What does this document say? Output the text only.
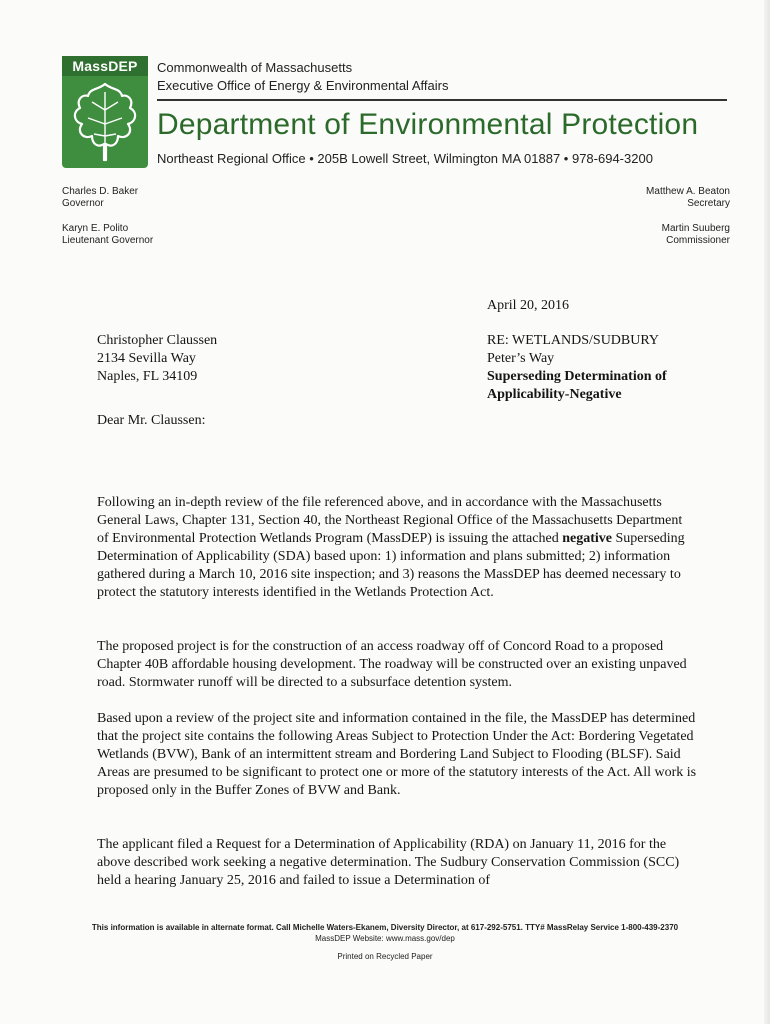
MassDEP	Commonwealth of Massachusetts
Executive Office of Energy & Environmental Affairs
Department of Environmental Protection
Northeast Regional Office • 205B Lowell Street, Wilmington MA 01887 • 978-694-3200
Charles D. Baker
Governor
Karyn E. Polito
Lieutenant Governor
Matthew A. Beaton
Secretary
Martin Suuberg
Commissioner
April 20, 2016
Christopher Claussen
2134 Sevilla Way
Naples, FL 34109
RE: WETLANDS/SUDBURY
Peter’s Way
Superseding Determination of
Applicability-Negative
Dear Mr. Claussen:
Following an in-depth review of the file referenced above, and in accordance with the Massachusetts General Laws, Chapter 131, Section 40, the Northeast Regional Office of the Massachusetts Department of Environmental Protection Wetlands Program (MassDEP) is issuing the attached negative Superseding Determination of Applicability (SDA) based upon: 1) information and plans submitted; 2) information gathered during a March 10, 2016 site inspection; and 3) reasons the MassDEP has deemed necessary to protect the statutory interests identified in the Wetlands Protection Act.
The proposed project is for the construction of an access roadway off of Concord Road to a proposed Chapter 40B affordable housing development. The roadway will be constructed over an existing unpaved road. Stormwater runoff will be directed to a subsurface detention system.
Based upon a review of the project site and information contained in the file, the MassDEP has determined that the project site contains the following Areas Subject to Protection Under the Act: Bordering Vegetated Wetlands (BVW), Bank of an intermittent stream and Bordering Land Subject to Flooding (BLSF). Said Areas are presumed to be significant to protect one or more of the statutory interests of the Act. All work is proposed only in the Buffer Zones of BVW and Bank.
The applicant filed a Request for a Determination of Applicability (RDA) on January 11, 2016 for the above described work seeking a negative determination. The Sudbury Conservation Commission (SCC) held a hearing January 25, 2016 and failed to issue a Determination of
This information is available in alternate format. Call Michelle Waters-Ekanem, Diversity Director, at 617-292-5751. TTY# MassRelay Service 1-800-439-2370
MassDEP Website: www.mass.gov/dep
Printed on Recycled Paper
